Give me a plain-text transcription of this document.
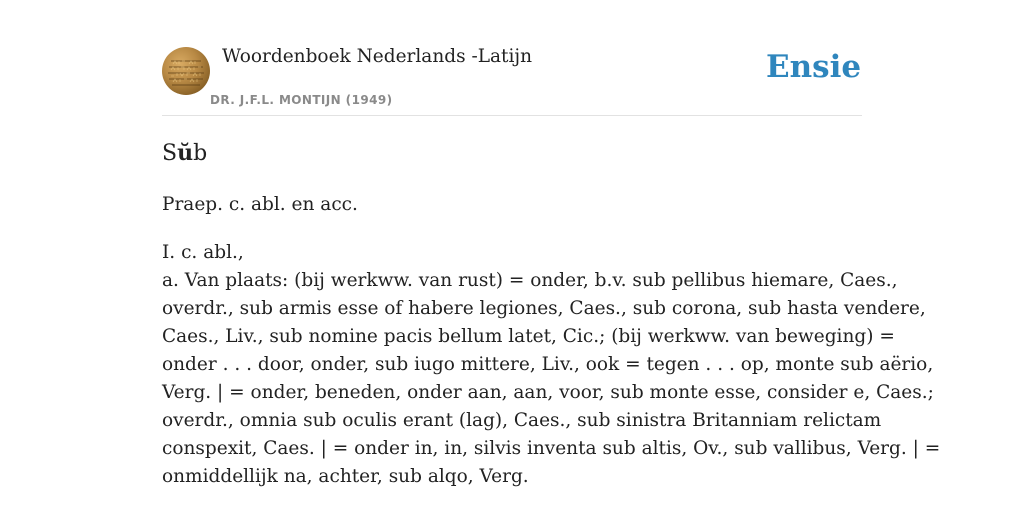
Woordenboek Nederlands -Latijn
DR. J.F.L. MONTIJN (1949)
Ensie
Sŭb
Praep. c. abl. en acc.
I. c. abl.,
a. Van plaats: (bij werkww. van rust) = onder, b.v. sub pellibus hiemare, Caes.,
overdr., sub armis esse of habere legiones, Caes., sub corona, sub hasta vendere,
Caes., Liv., sub nomine pacis bellum latet, Cic.; (bij werkww. van beweging) =
onder . . . door, onder, sub iugo mittere, Liv., ook = tegen . . . op, monte sub aërio,
Verg. | = onder, beneden, onder aan, aan, voor, sub monte esse, consider e, Caes.;
overdr., omnia sub oculis erant (lag), Caes., sub sinistra Britanniam relictam
conspexit, Caes. | = onder in, in, silvis inventa sub altis, Ov., sub vallibus, Verg. | =
onmiddellijk na, achter, sub alqo, Verg.
